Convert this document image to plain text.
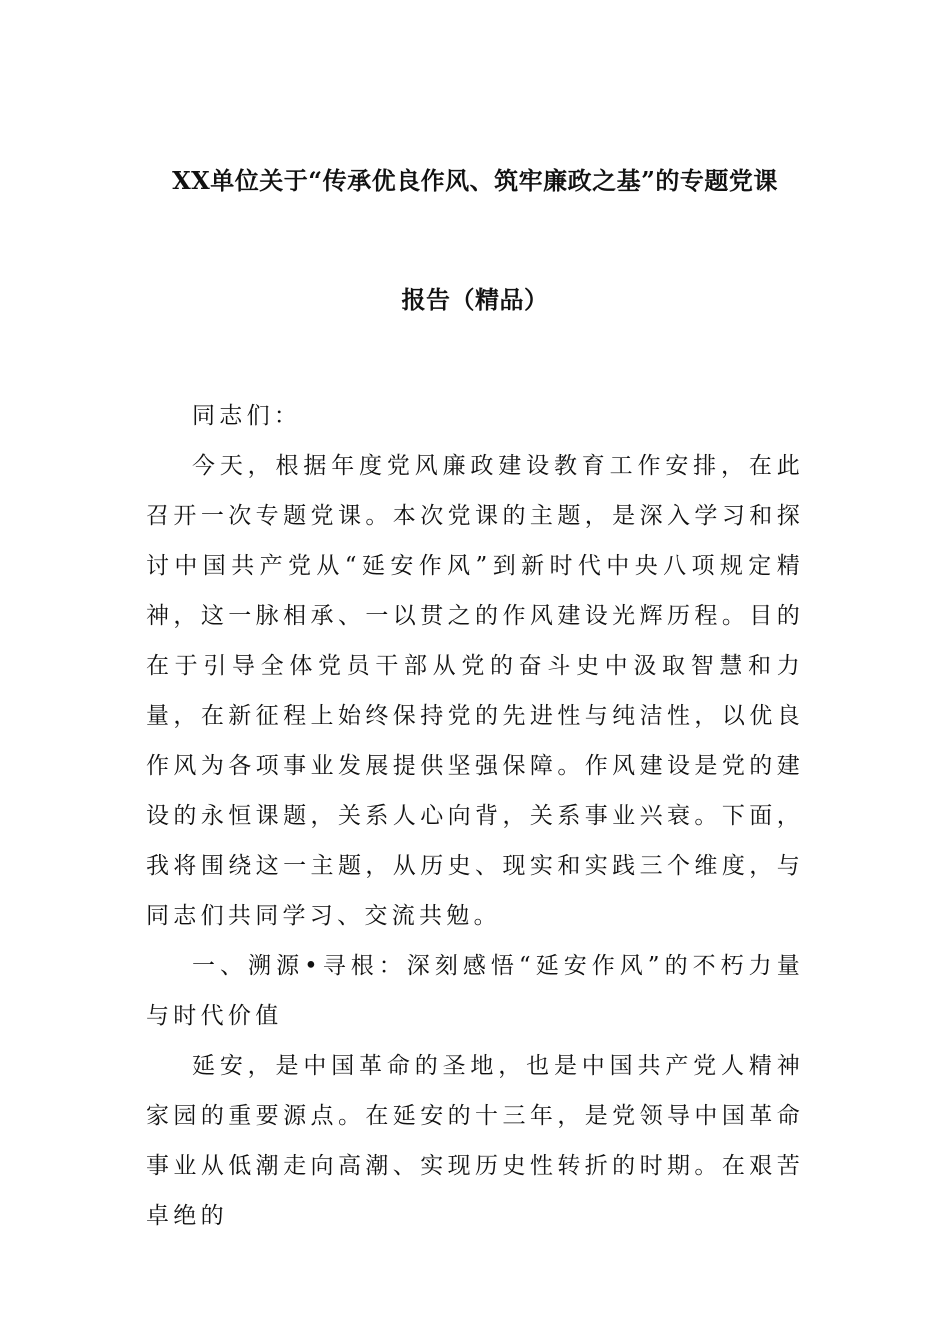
XX单位关于“传承优良作风、筑牢廉政之基”的专题党课
报告（精品）

同志们：

今天，根据年度党风廉政建设教育工作安排，在此召开一次专题党课。本次党课的主题，是深入学习和探讨中国共产党从“延安作风”到新时代中央八项规定精神，这一脉相承、一以贯之的作风建设光辉历程。目的在于引导全体党员干部从党的奋斗史中汲取智慧和力量，在新征程上始终保持党的先进性与纯洁性，以优良作风为各项事业发展提供坚强保障。作风建设是党的建设的永恒课题，关系人心向背，关系事业兴衰。下面，我将围绕这一主题，从历史、现实和实践三个维度，与同志们共同学习、交流共勉。

一、溯源•寻根：深刻感悟“延安作风”的不朽力量与时代价值

延安，是中国革命的圣地，也是中国共产党人精神家园的重要源点。在延安的十三年，是党领导中国革命事业从低潮走向高潮、实现历史性转折的时期。在艰苦卓绝的
